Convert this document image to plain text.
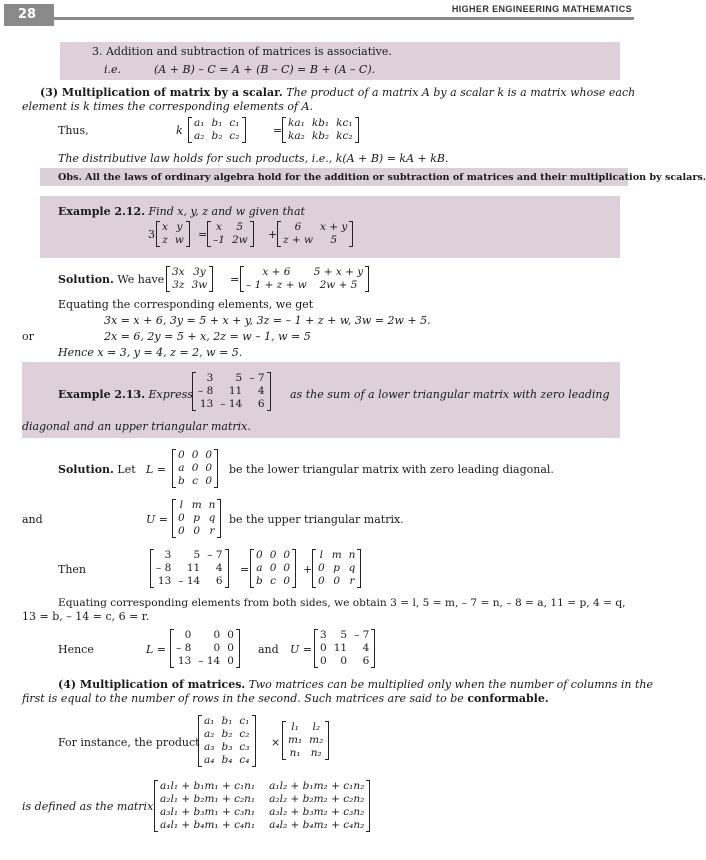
28	HIGHER ENGINEERING MATHEMATICS
3. Addition and subtraction of matrices is associative.
i.e.	(A + B) – C = A + (B – C) = B + (A – C).
(3) Multiplication of matrix by a scalar. The product of a matrix A by a scalar k is a matrix whose each
element is k times the corresponding elements of A.
Thus,	k
a₁ b₁ c₁
a₂ b₂ c₂	=
ka₁ kb₁ kc₁
ka₂ kb₂ kc₂
The distributive law holds for such products, i.e., k(A + B) = kA + kB.
Obs. All the laws of ordinary algebra hold for the addition or subtraction of matrices and their multiplication by scalars.
Example 2.12. Find x, y, z and w given that
3
x y
z w =
x	5
–1 2w +
6	x + y
z + w	5
Solution. We have
3x 3y
3z 3w =
x + 6	5 + x + y
– 1 + z + w	2w + 5
Equating the corresponding elements, we get
3x = x + 6, 3y = 5 + x + y, 3z = – 1 + z + w, 3w = 2w + 5.
or	2x = 6, 2y = 5 + x, 2z = w – 1, w = 5
Hence x = 3, y = 4, z = 2, w = 5.
Example 2.13. Express
3	5 – 7
– 8	11	4
13 – 14	6
as the sum of a lower triangular matrix with zero leading
diagonal and an upper triangular matrix.
Solution. Let L =
0 0 0
a 0 0
b c 0
be the lower triangular matrix with zero leading diagonal.
and	U =
l m n
0 p q
0 0 r
be the upper triangular matrix.
Then
3	5 – 7
– 8	11	4
13 – 14	6
=
0 0 0
a 0 0
b c 0
+
l m n
0 p q
0 0 r
Equating corresponding elements from both sides, we obtain 3 = l, 5 = m, – 7 = n, – 8 = a, 11 = p, 4 = q,
13 = b, – 14 = c, 6 = r.
Hence	L =
0	0 0
– 8	0 0
13 – 14 0
and U =
3	5 – 7
0 11	4
0	0	6
(4) Multiplication of matrices. Two matrices can be multiplied only when the number of columns in the
first is equal to the number of rows in the second. Such matrices are said to be conformable.
For instance, the product
a₁ b₁ c₁
a₂ b₂ c₂
a₃ b₃ c₃
a₄ b₄ c₄
×
l₁	l₂
m₁ m₂
n₁ n₂
is defined as the matrix
a₁l₁ + b₁m₁ + c₁n₁ a₁l₂ + b₁m₂ + c₁n₂
a₂l₁ + b₂m₁ + c₂n₁ a₂l₂ + b₂m₂ + c₂n₂
a₃l₁ + b₃m₁ + c₃n₁ a₃l₂ + b₃m₂ + c₃n₂
a₄l₁ + b₄m₁ + c₄n₁ a₄l₂ + b₄m₂ + c₄n₂
